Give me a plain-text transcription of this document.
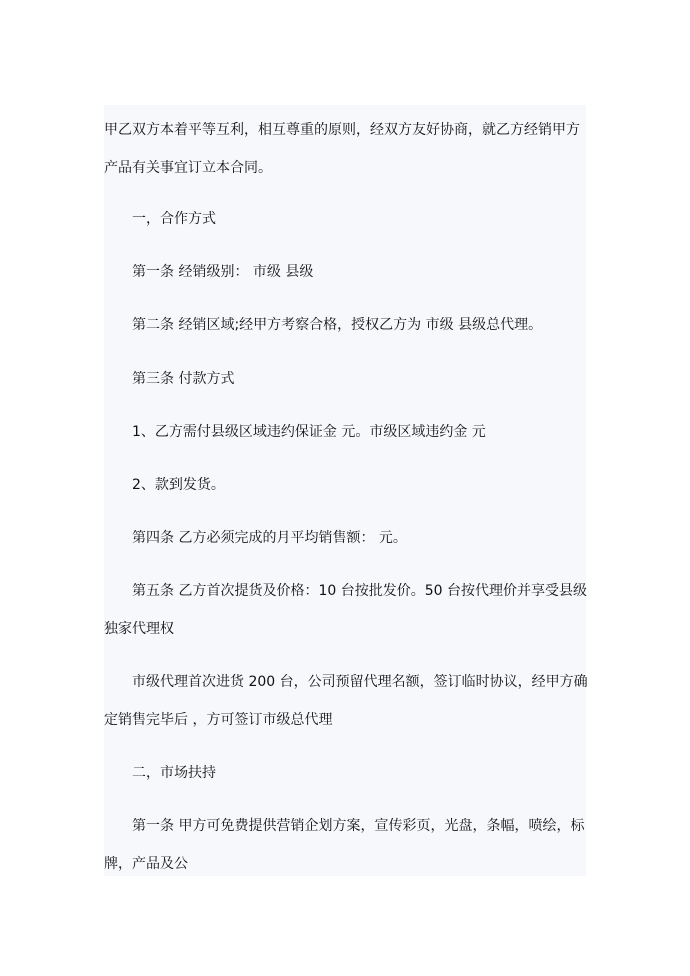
甲乙双方本着平等互利，相互尊重的原则，经双方友好协商，就乙方经销甲方
产品有关事宜订立本合同。

一，合作方式

第一条 经销级别： 市级 县级

第二条 经销区域;经甲方考察合格，授权乙方为 市级 县级总代理。

第三条 付款方式

1、乙方需付县级区域违约保证金 元。市级区域违约金 元

2、款到发货。

第四条 乙方必须完成的月平均销售额： 元。

第五条 乙方首次提货及价格：10 台按批发价。50 台按代理价并享受县级
独家代理权

市级代理首次进货 200 台，公司预留代理名额，签订临时协议，经甲方确
定销售完毕后 ，方可签订市级总代理

二，市场扶持

第一条 甲方可免费提供营销企划方案，宣传彩页，光盘，条幅，喷绘，标
牌，产品及公
